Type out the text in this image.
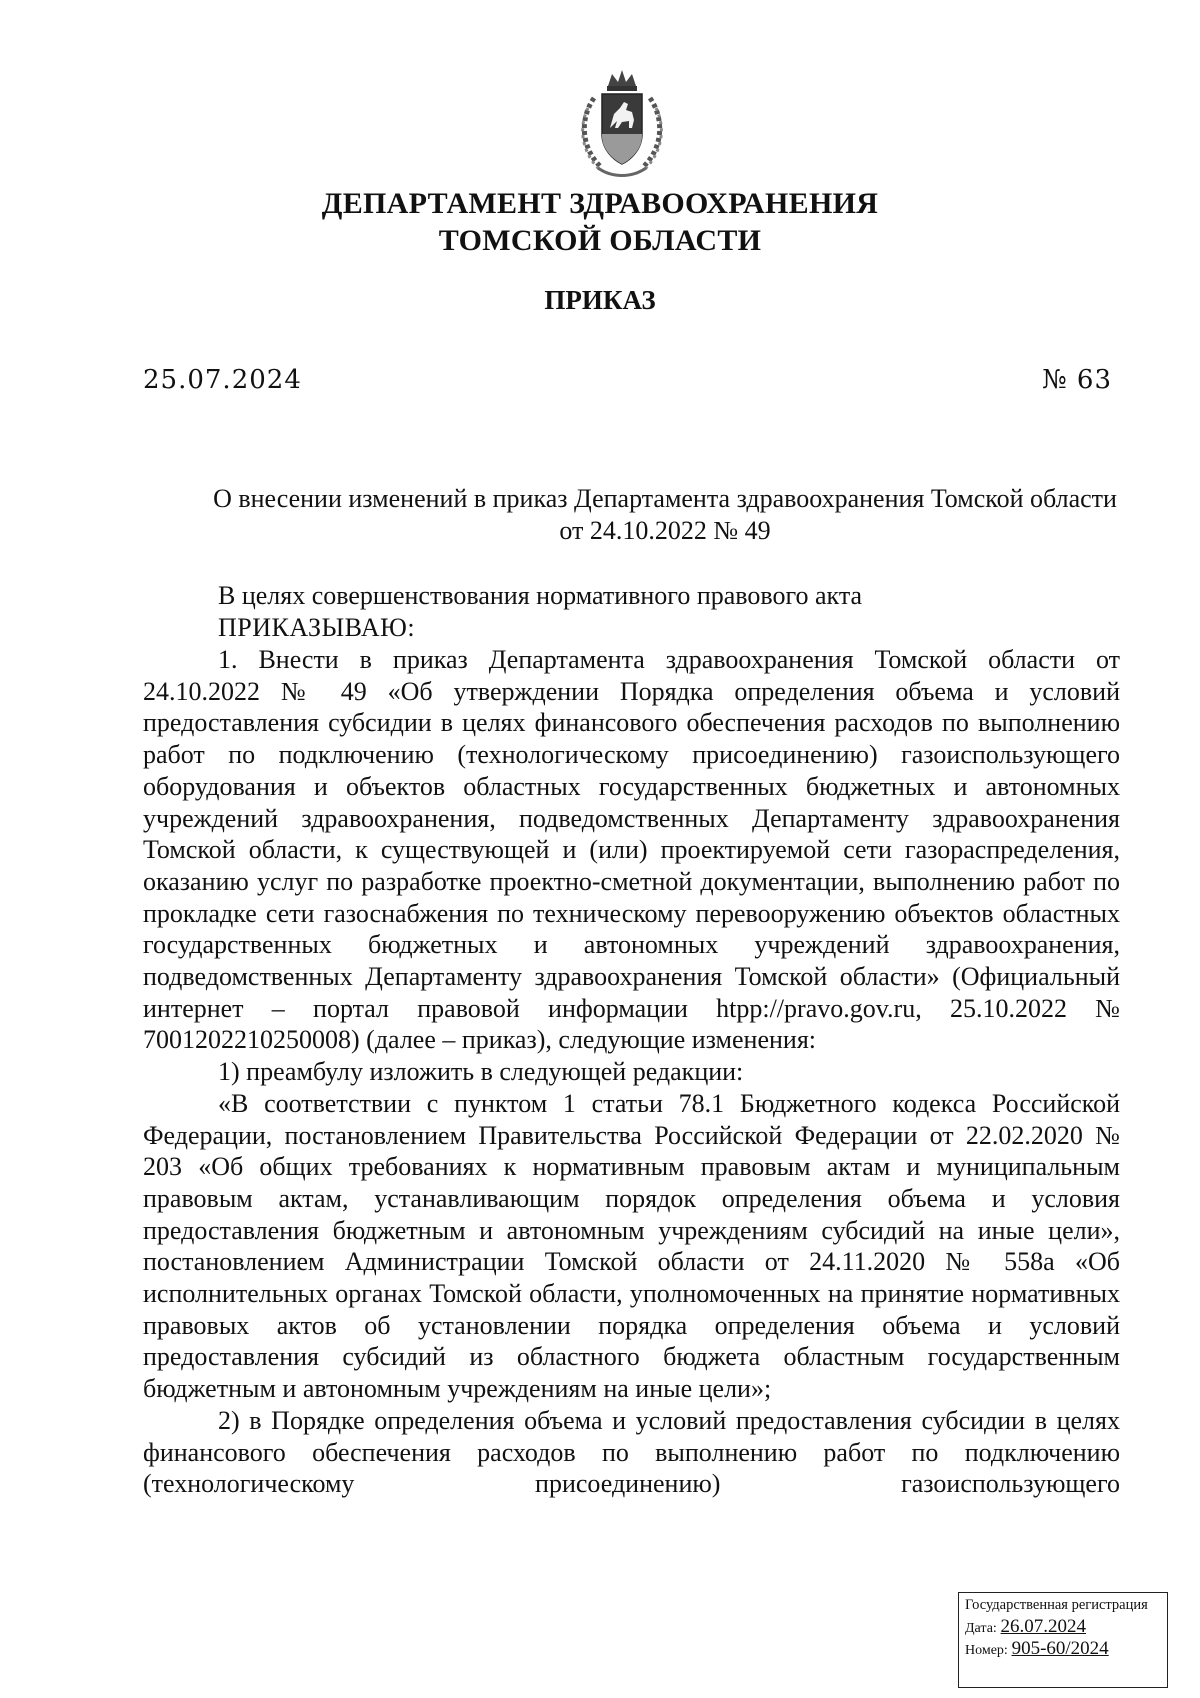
ДЕПАРТАМЕНТ ЗДРАВООХРАНЕНИЯ
ТОМСКОЙ ОБЛАСТИ
ПРИКАЗ
25.07.2024	№ 63
О внесении изменений в приказ Департамента здравоохранения Томской области от 24.10.2022 № 49
В целях совершенствования нормативного правового акта
ПРИКАЗЫВАЮ:

1. Внести в приказ Департамента здравоохранения Томской области от 24.10.2022 № 49 «Об утверждении Порядка определения объема и условий предоставления субсидии в целях финансового обеспечения расходов по выполнению работ по подключению (технологическому присоединению) газоиспользующего оборудования и объектов областных государственных бюджетных и автономных учреждений здравоохранения, подведомственных Департаменту здравоохранения Томской области, к существующей и (или) проектируемой сети газораспределения, оказанию услуг по разработке проектно-сметной документации, выполнению работ по прокладке сети газоснабжения по техническому перевооружению объектов областных государственных бюджетных и автономных учреждений здравоохранения, подведомственных Департаменту здравоохранения Томской области» (Официальный интернет – портал правовой информации htpp://pravo.gov.ru, 25.10.2022 № 7001202210250008) (далее – приказ), следующие изменения:

1) преамбулу изложить в следующей редакции:

«В соответствии с пунктом 1 статьи 78.1 Бюджетного кодекса Российской Федерации, постановлением Правительства Российской Федерации от 22.02.2020 № 203 «Об общих требованиях к нормативным правовым актам и муниципальным правовым актам, устанавливающим порядок определения объема и условия предоставления бюджетным и автономным учреждениям субсидий на иные цели», постановлением Администрации Томской области от 24.11.2020 № 558а «Об исполнительных органах Томской области, уполномоченных на принятие нормативных правовых актов об установлении порядка определения объема и условий предоставления субсидий из областного бюджета областным государственным бюджетным и автономным учреждениям на иные цели»;

2) в Порядке определения объема и условий предоставления субсидии в целях финансового обеспечения расходов по выполнению работ по подключению (технологическому присоединению) газоиспользующего

Государственная регистрация
Дата: 26.07.2024
Номер: 905-60/2024
